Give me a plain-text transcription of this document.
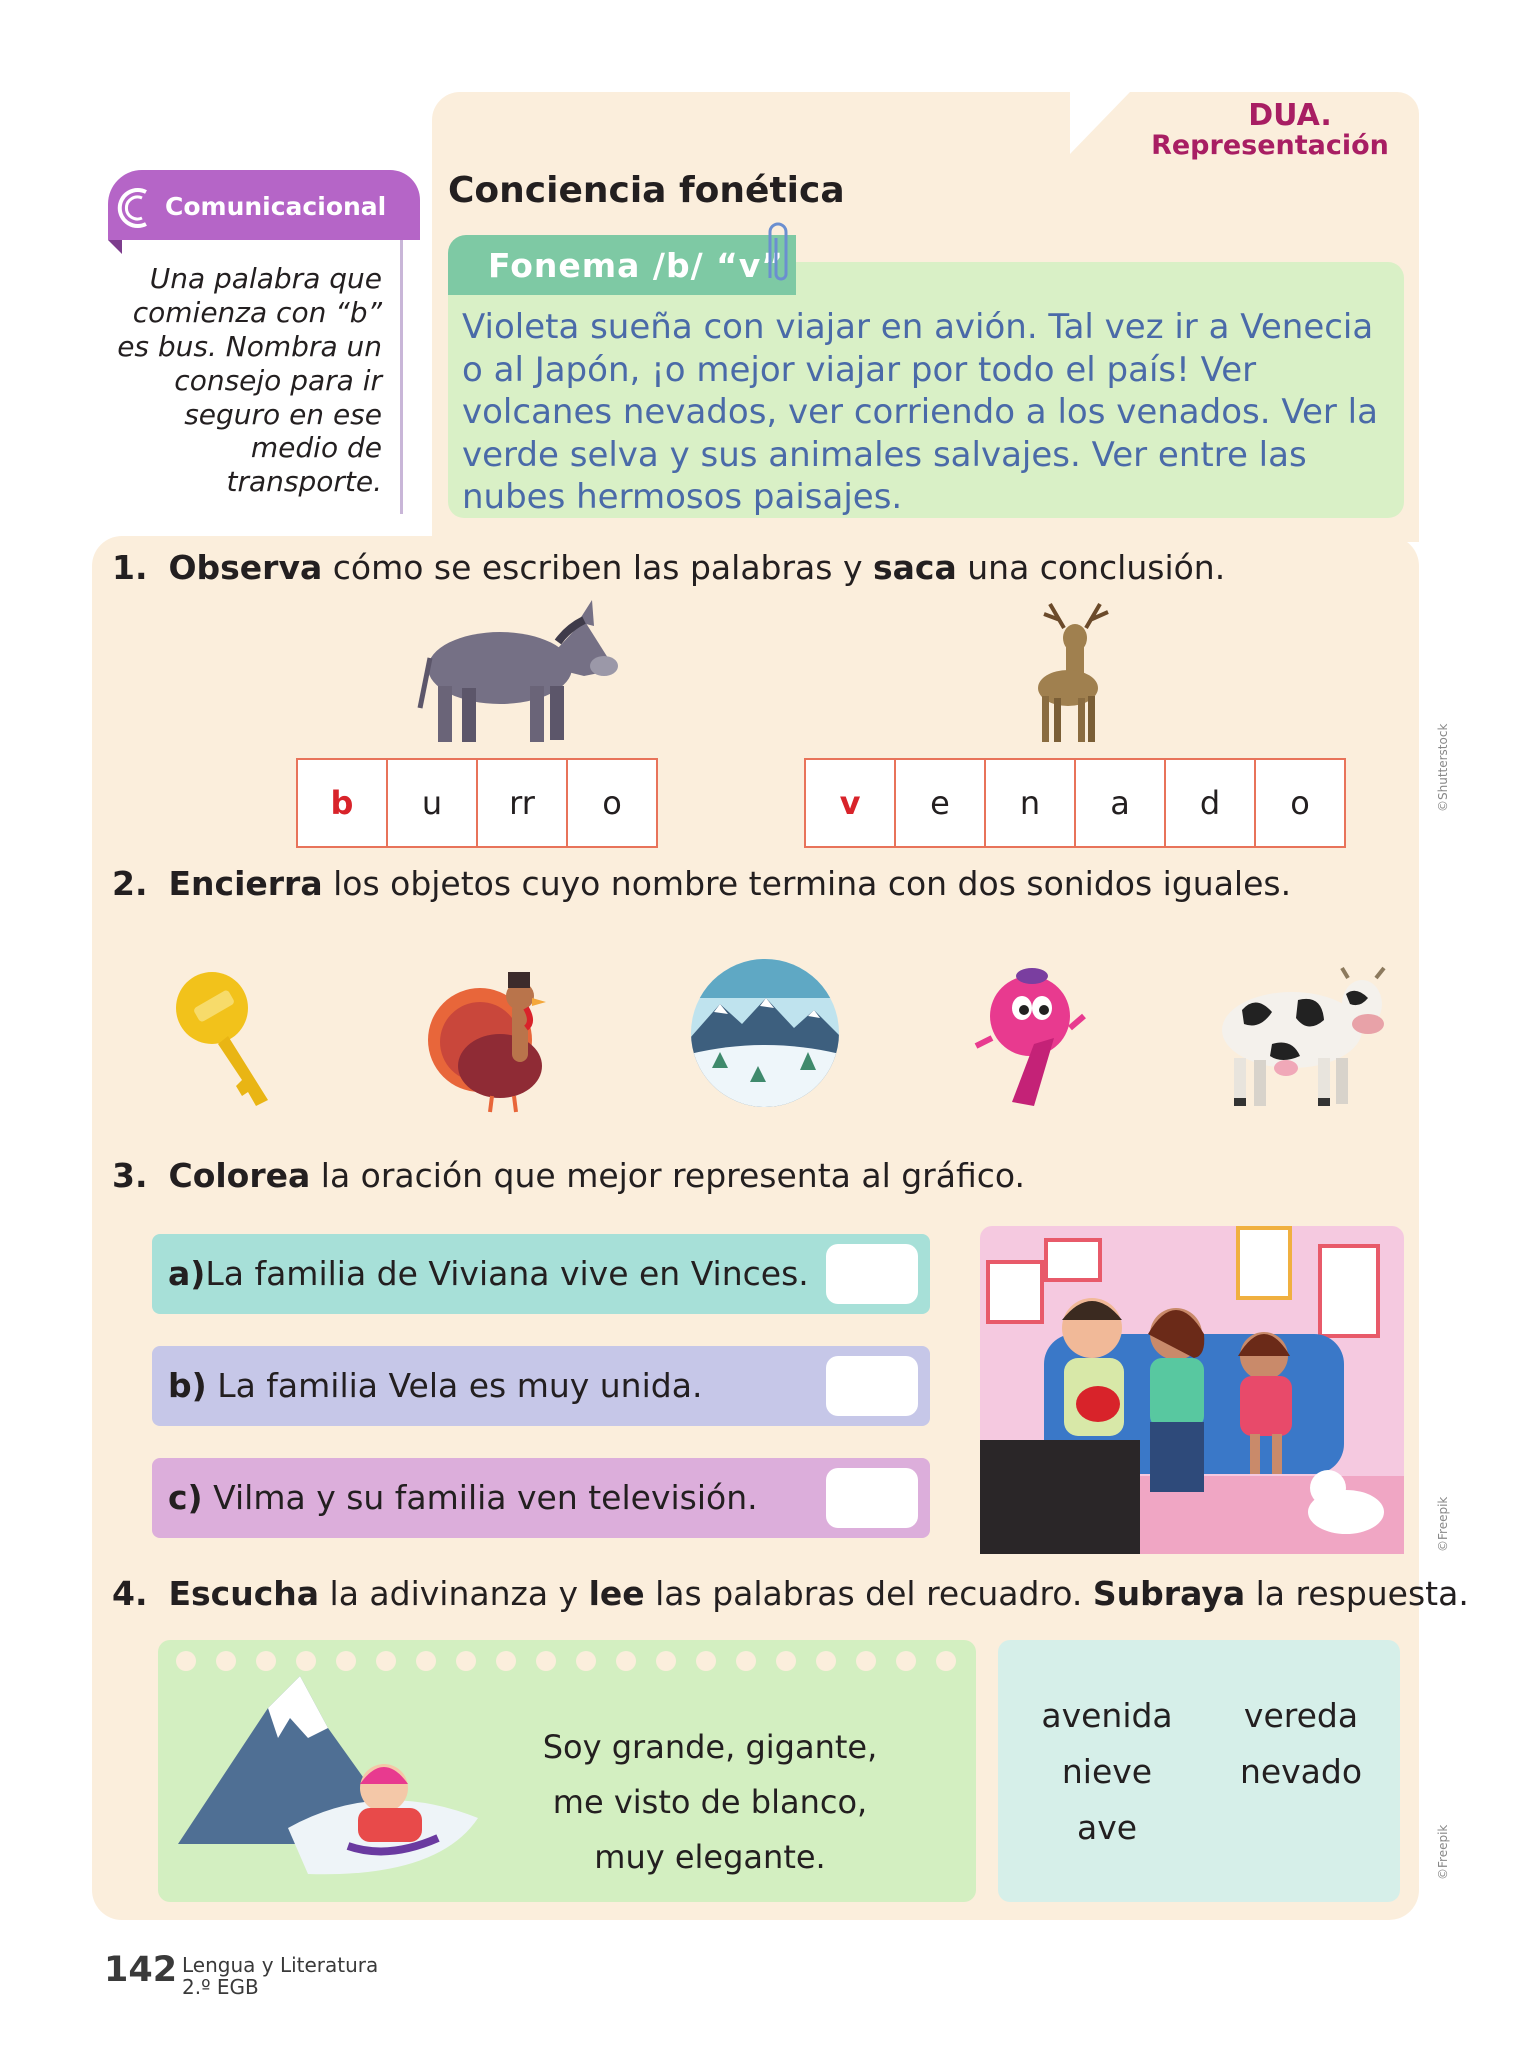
DUA.
Representación
Comunicacional
Una palabra que comienza con “b” es bus. Nombra un consejo para ir seguro en ese medio de transporte.
Conciencia fonética
Fonema /b/ “v”
Violeta sueña con viajar en avión. Tal vez ir a Venecia o al Japón, ¡o mejor viajar por todo el país! Ver volcanes nevados, ver corriendo a los venados. Ver la verde selva y sus animales salvajes. Ver entre las nubes hermosos paisajes.
1. Observa cómo se escriben las palabras y saca una conclusión.
b	u	rr	o	v	e	n	a	d	o
2. Encierra los objetos cuyo nombre termina con dos sonidos iguales.
3. Colorea la oración que mejor representa al gráfico.
a)La familia de Viviana vive en Vinces.
b) La familia Vela es muy unida.
c) Vilma y su familia ven televisión.
4. Escucha la adivinanza y lee las palabras del recuadro. Subraya la respuesta.
Soy grande, gigante,
me visto de blanco,
muy elegante.
avenida	vereda
nieve	nevado
ave
©Shutterstock
©Freepik
©Freepik
142 Lengua y Literatura
2.º EGB
